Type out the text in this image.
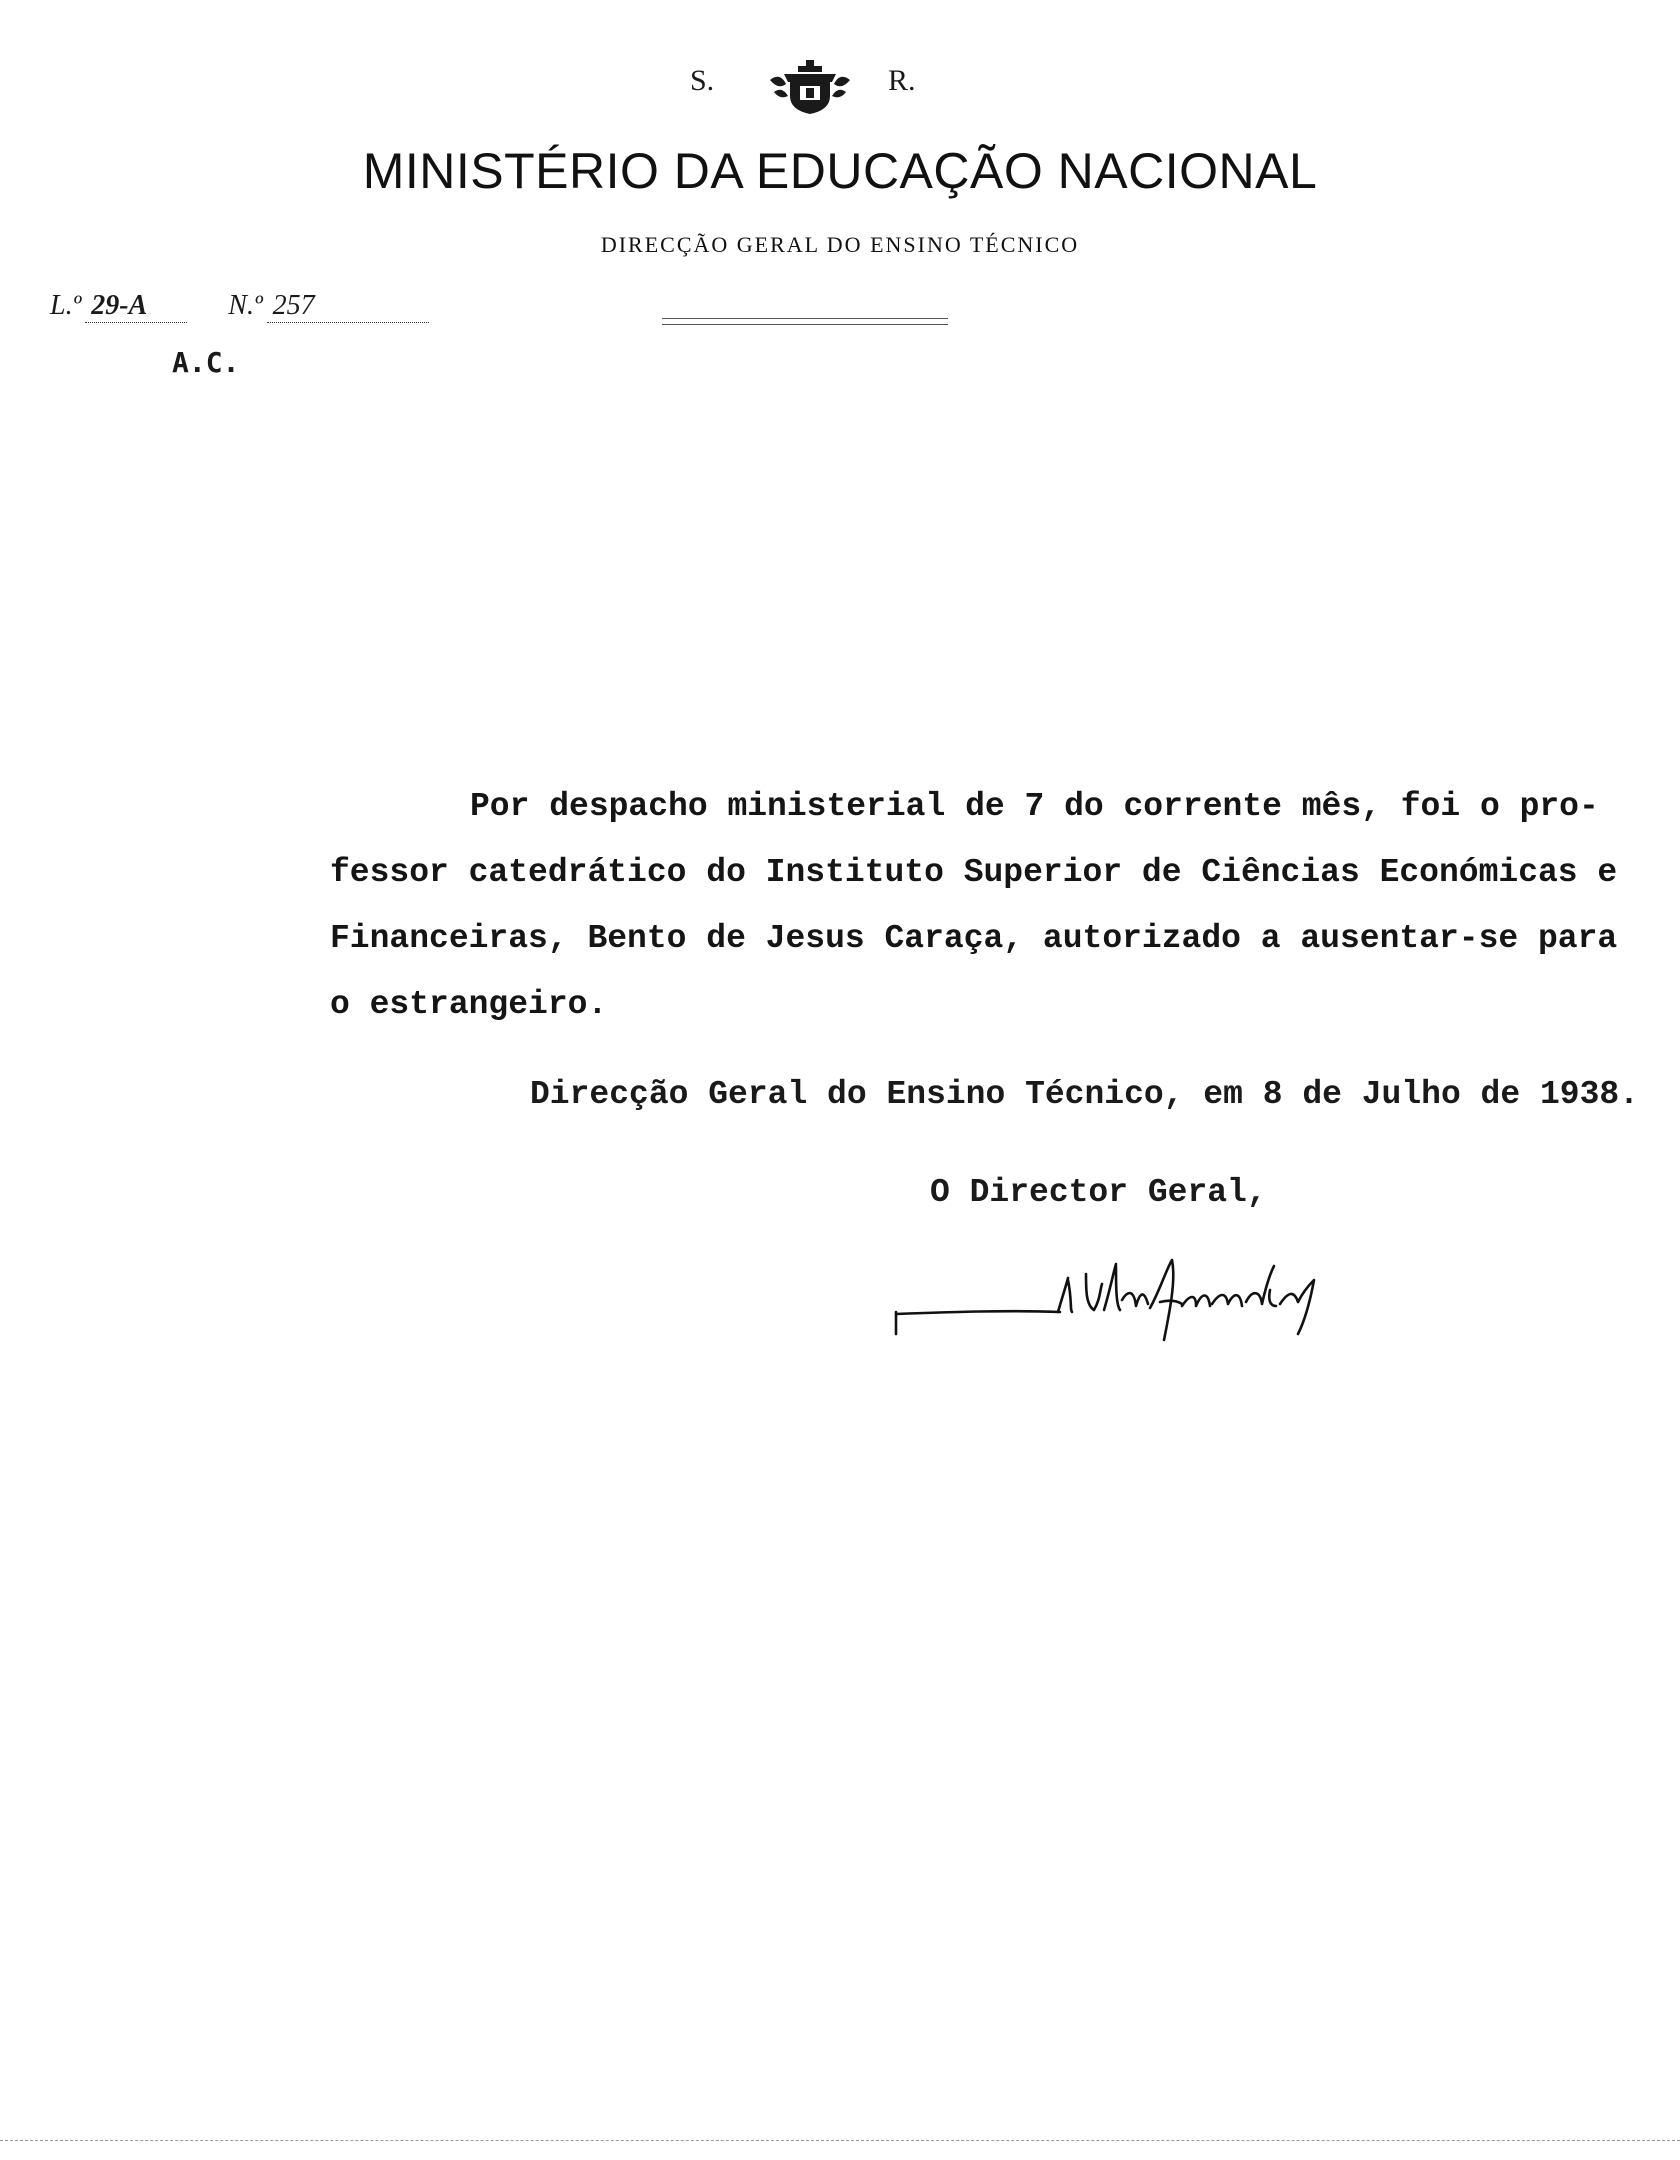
S.	R.
MINISTÉRIO DA EDUCAÇÃO NACIONAL
DIRECÇÃO GERAL DO ENSINO TÉCNICO
L.º 29-A	N.º 257
A.C.
Por despacho ministerial de 7 do corrente mês, foi o pro-
fessor catedrático do Instituto Superior de Ciências Económicas e
Financeiras, Bento de Jesus Caraça, autorizado a ausentar-se para
o estrangeiro.
Direcção Geral do Ensino Técnico, em 8 de Julho de 1938.
O Director Geral,
